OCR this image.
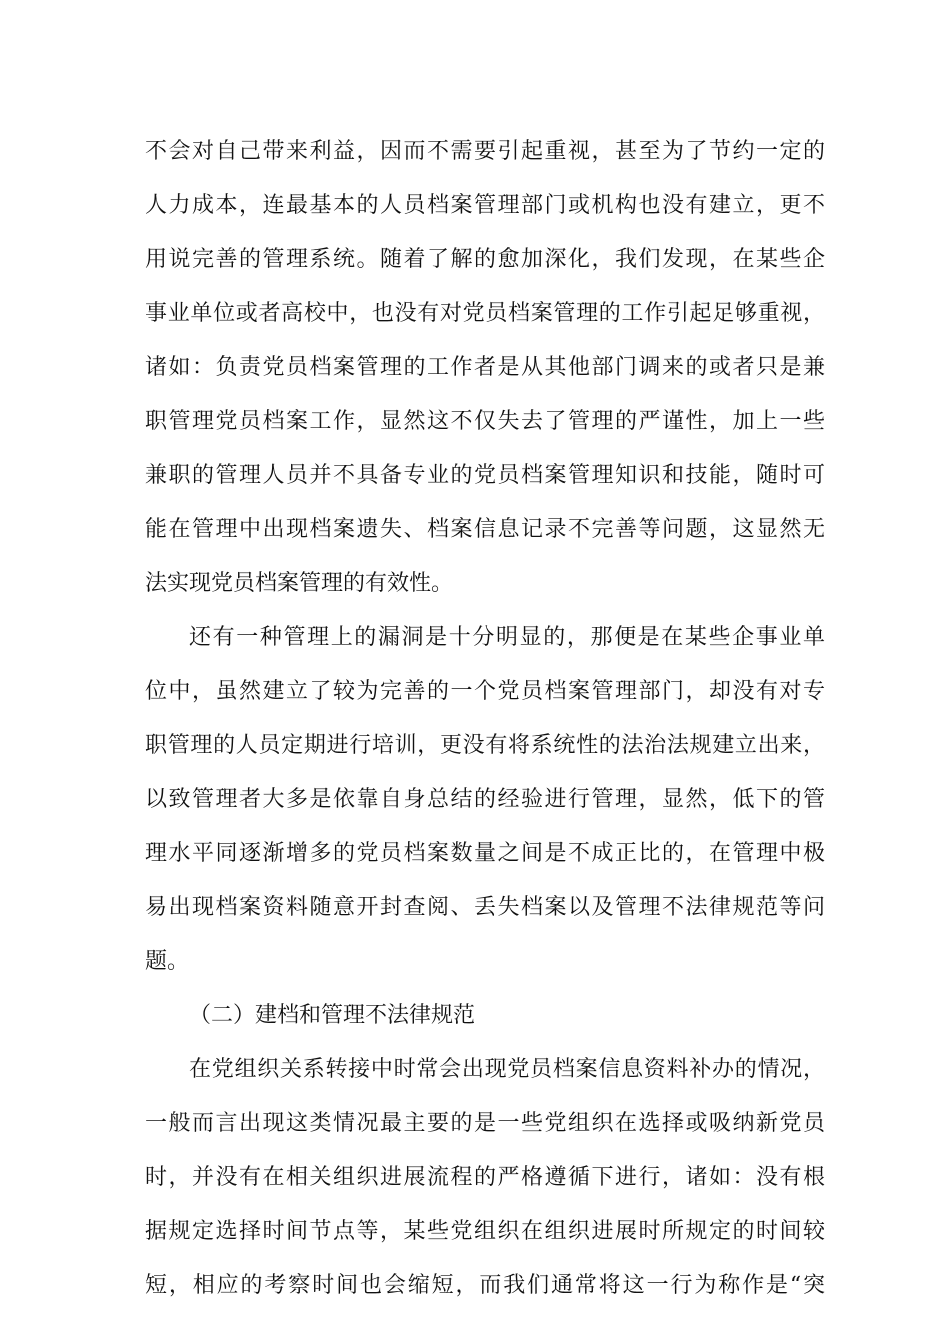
不会对自己带来利益，因而不需要引起重视，甚至为了节约一定的
人力成本，连最基本的人员档案管理部门或机构也没有建立，更不
用说完善的管理系统。随着了解的愈加深化，我们发现，在某些企
事业单位或者高校中，也没有对党员档案管理的工作引起足够重视，
诸如：负责党员档案管理的工作者是从其他部门调来的或者只是兼
职管理党员档案工作，显然这不仅失去了管理的严谨性，加上一些
兼职的管理人员并不具备专业的党员档案管理知识和技能，随时可
能在管理中出现档案遗失、档案信息记录不完善等问题，这显然无
法实现党员档案管理的有效性。
还有一种管理上的漏洞是十分明显的，那便是在某些企事业单
位中，虽然建立了较为完善的一个党员档案管理部门，却没有对专
职管理的人员定期进行培训，更没有将系统性的法治法规建立出来，
以致管理者大多是依靠自身总结的经验进行管理，显然，低下的管
理水平同逐渐增多的党员档案数量之间是不成正比的，在管理中极
易出现档案资料随意开封查阅、丢失档案以及管理不法律规范等问
题。
（二）建档和管理不法律规范
在党组织关系转接中时常会出现党员档案信息资料补办的情况，
一般而言出现这类情况最主要的是一些党组织在选择或吸纳新党员
时，并没有在相关组织进展流程的严格遵循下进行，诸如：没有根
据规定选择时间节点等，某些党组织在组织进展时所规定的时间较
短，相应的考察时间也会缩短，而我们通常将这一行为称作是“突
